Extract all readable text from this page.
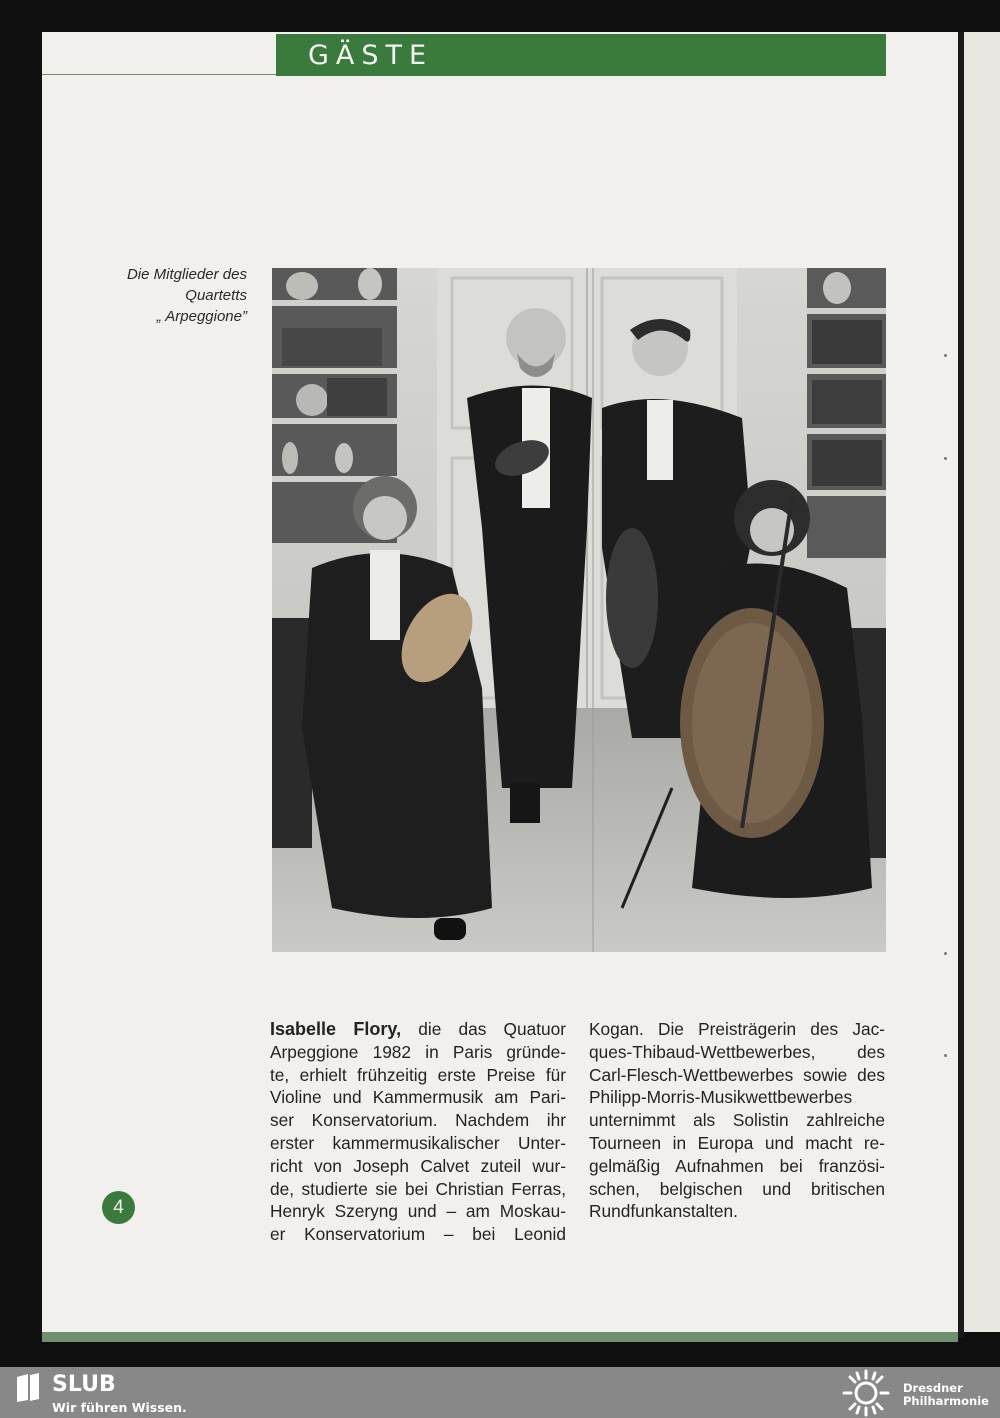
GÄSTE
Die Mitglieder des
Quartetts
„ Arpeggione”
Isabelle Flory, die das Quatuor
Arpeggione 1982 in Paris gründe-
te, erhielt frühzeitig erste Preise für
Violine und Kammermusik am Pari-
ser Konservatorium. Nachdem ihr
erster kammermusikalischer Unter-
richt von Joseph Calvet zuteil wur-
de, studierte sie bei Christian Ferras,
Henryk Szeryng und – am Moskau-
er Konservatorium – bei Leonid
Kogan. Die Preisträgerin des Jac-
ques-Thibaud-Wettbewerbes, des
Carl-Flesch-Wettbewerbes sowie des
Philipp-Morris-Musikwettbewerbes
unternimmt als Solistin zahlreiche
Tourneen in Europa und macht re-
gelmäßig Aufnahmen bei französi-
schen, belgischen und britischen
Rundfunkanstalten.
4
SLUB
Wir führen Wissen.
Dresdner
Philharmonie
